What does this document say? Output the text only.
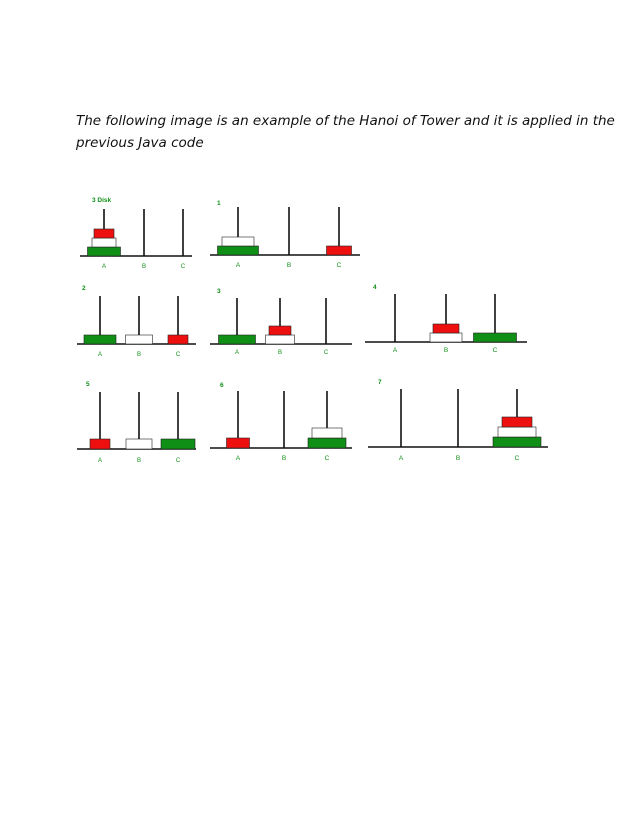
The following image is an example of the Hanoi of Tower and it is applied in the
previous Java code

3 Disk
A	B	C
1
A	B	C
2
A	B	C
3
A	B	C
4
A	B	C
5
A	B	C
6
A	B	C
7
A	B	C
